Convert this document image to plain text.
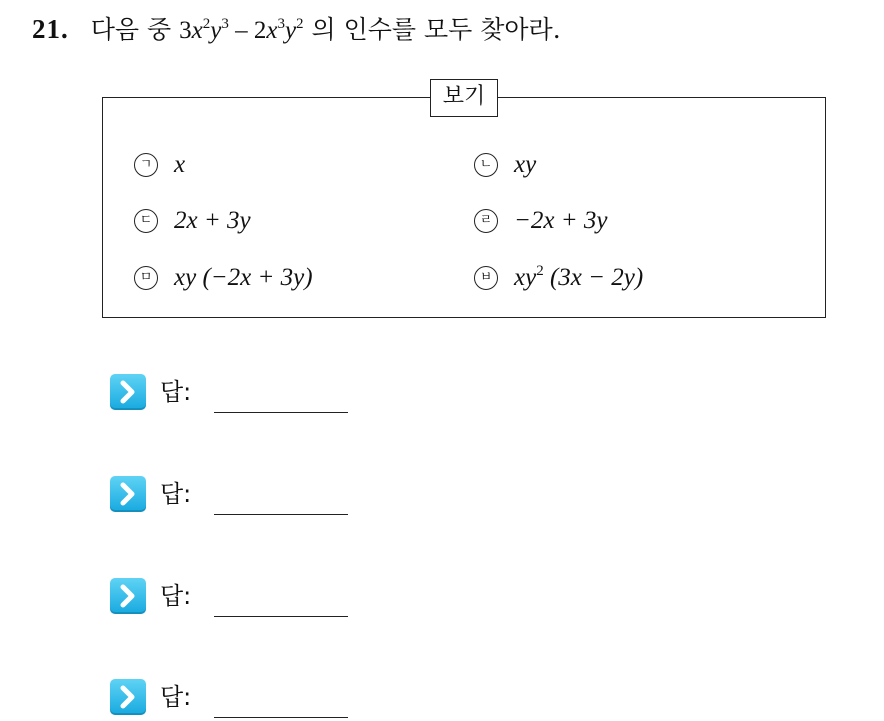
21. 다음 중 $3x^2y^3 - 2x^3y^2$ 의 인수를 모두 찾아라.
보기
ㄱ x	ㄴ xy
ㄷ 2x + 3y	ㄹ −2x + 3y
ㅁ xy (−2x + 3y)	ㅂ $xy^2$ (3x − 2y)
답:
답:
답:
답:
